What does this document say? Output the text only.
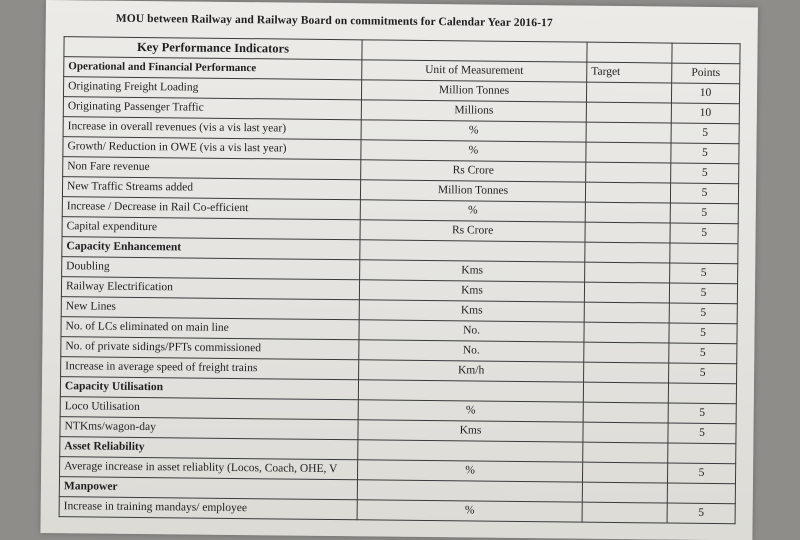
MOU between Railway and Railway Board on commitments for Calendar Year 2016-17
Key Performance Indicators			
Operational and Financial Performance	Unit of Measurement	Target	Points
Originating Freight Loading	Million Tonnes		10
Originating Passenger Traffic	Millions		10
Increase in overall revenues (vis a vis last year)	%		5
Growth/ Reduction in OWE (vis a vis last year)	%		5
Non Fare revenue	Rs Crore		5
New Traffic Streams added	Million Tonnes		5
Increase / Decrease in Rail Co-efficient	%		5
Capital expenditure	Rs Crore		5
Capacity Enhancement			
Doubling	Kms		5
Railway Electrification	Kms		5
New Lines	Kms		5
No. of LCs eliminated on main line	No.		5
No. of private sidings/PFTs commissioned	No.		5
Increase in average speed of freight trains	Km/h		5
Capacity Utilisation			
Loco Utilisation	%		5
NTKms/wagon-day	Kms		5
Asset Reliability			
Average increase in asset reliablity (Locos, Coach, OHE, V	%		5
Manpower			
Increase in training mandays/ employee	%		5
